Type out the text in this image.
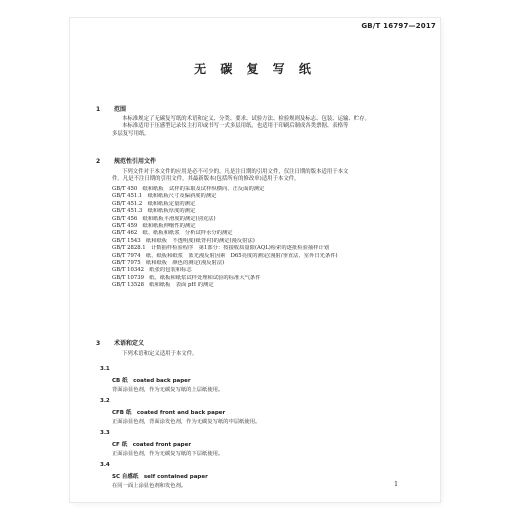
GB/T 16797—2017
无 碳 复 写 纸
1 范围
本标准规定了无碳复写纸的术语和定义、分类、要求、试验方法、检验规则及标志、包装、运输、贮存。
本标准适用于压感型记录仪主打印或书写一式多层用纸，也适用于印刷后制成各类票据、表格等
多层复写用纸。
2 规范性引用文件
下列文件对于本文件的应用是必不可少的。凡是注日期的引用文件，仅注日期的版本适用于本文
件。凡是不注日期的引用文件，其最新版本(包括所有的修改单)适用于本文件。
GB/T 450　纸和纸板　试样的采取及试样纵横向、正反面的测定
GB/T 451.1　纸和纸板尺寸及偏斜度的测定
GB/T 451.2　纸和纸板定量的测定
GB/T 451.3　纸和纸板厚度的测定
GB/T 456　纸和纸板平滑度的测定(别克法)
GB/T 459　纸和纸板伸缩性的测定
GB/T 462　纸、纸板和纸浆　分析试样水分的测定
GB/T 1543　纸和纸板　不透明度(纸背衬)的测定(漫反射法)
GB/T 2828.1　计数抽样检验程序　第1部分：按接收质量限(AQL)检索的逐批检验抽样计划
GB/T 7974　纸、纸板和纸浆　蓝光漫反射因素　D65亮度的测定(漫射/垂直法，室外日光条件)
GB/T 7975　纸和纸板　颜色的测定(漫反射法)
GB/T 10342　纸张的包装和标志
GB/T 10739　纸、纸板和纸浆试样处理和试验的标准大气条件
GB/T 13528　纸和纸板　表面 pH 的测定
3 术语和定义
下列术语和定义适用于本文件。
3.1
CB 纸　coated back paper
背面涂显色剂，作为无碳复写纸的上层纸使用。
3.2
CFB 纸　coated front and back paper
正面涂显色剂，背面涂发色剂，作为无碳复写纸的中层纸使用。
3.3
CF 纸　coated front paper
正面涂显色剂，作为无碳复写纸的下层纸使用。
3.4
SC 自感纸　self contained paper
在同一面上涂显色剂和发色剂。	1
